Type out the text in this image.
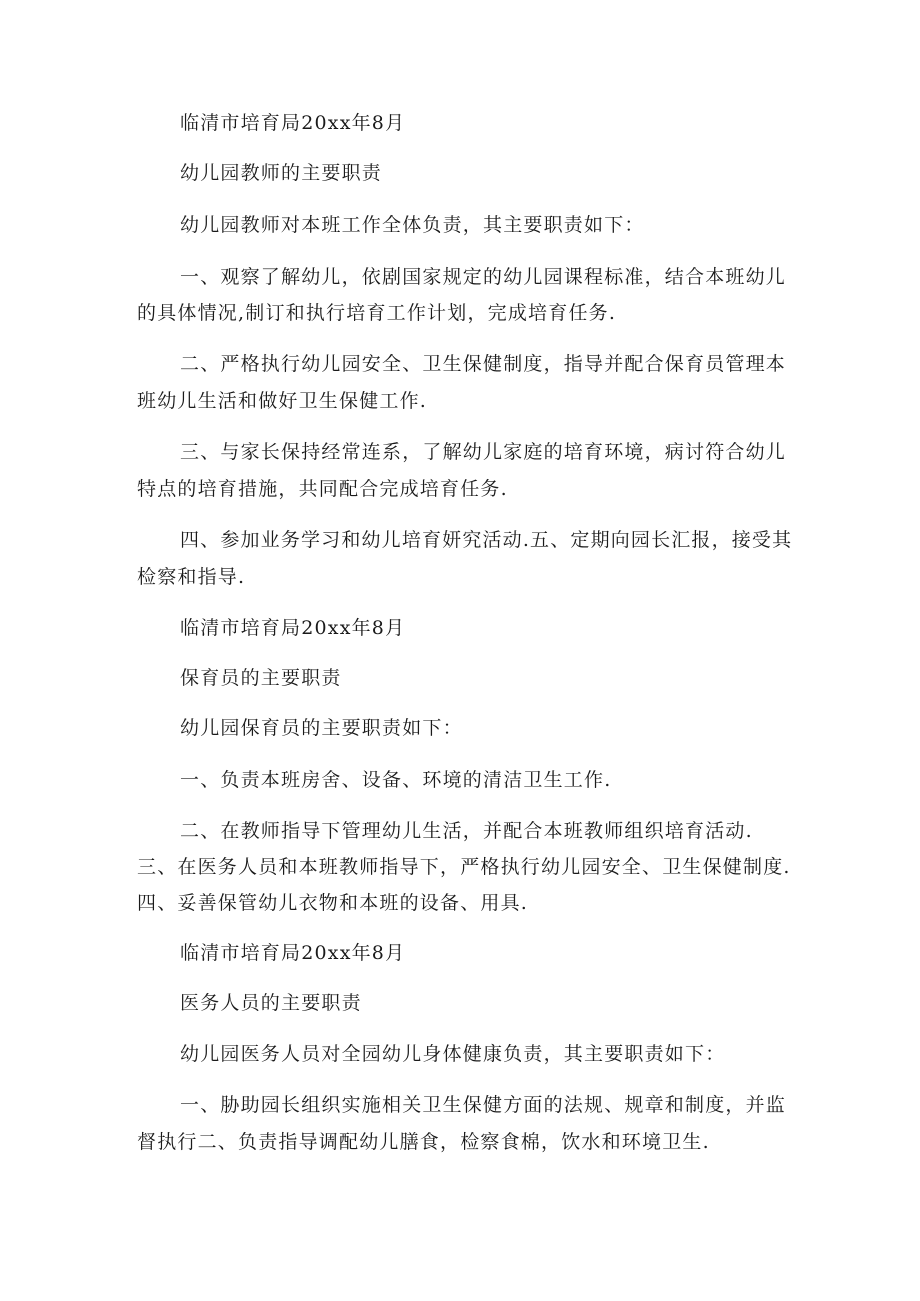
临清市培育局20xx年8月
幼儿园教师的主要职责
幼儿园教师对本班工作全体负责，其主要职责如下：
一、观察了解幼儿，依剧国家规定的幼儿园课程标准，结合本班幼儿
的具体情况,制订和执行培育工作计划，完成培育任务.
二、严格执行幼儿园安全、卫生保健制度，指导并配合保育员管理本
班幼儿生活和做好卫生保健工作.
三、与家长保持经常连系，了解幼儿家庭的培育环境，病讨符合幼儿
特点的培育措施，共同配合完成培育任务.
四、参加业务学习和幼儿培育妍究活动.五、定期向园长汇报，接受其
检察和指导.
临清市培育局20xx年8月
保育员的主要职责
幼儿园保育员的主要职责如下：
一、负责本班房舍、设备、环境的清洁卫生工作.
二、在教师指导下管理幼儿生活，并配合本班教师组织培育活动.
三、在医务人员和本班教师指导下，严格执行幼儿园安全、卫生保健制度.
四、妥善保管幼儿衣物和本班的设备、用具.
临清市培育局20xx年8月
医务人员的主要职责
幼儿园医务人员对全园幼儿身体健康负责，其主要职责如下：
一、胁助园长组织实施相关卫生保健方面的法规、规章和制度，并监
督执行二、负责指导调配幼儿膳食，检察食棉，饮水和环境卫生.
